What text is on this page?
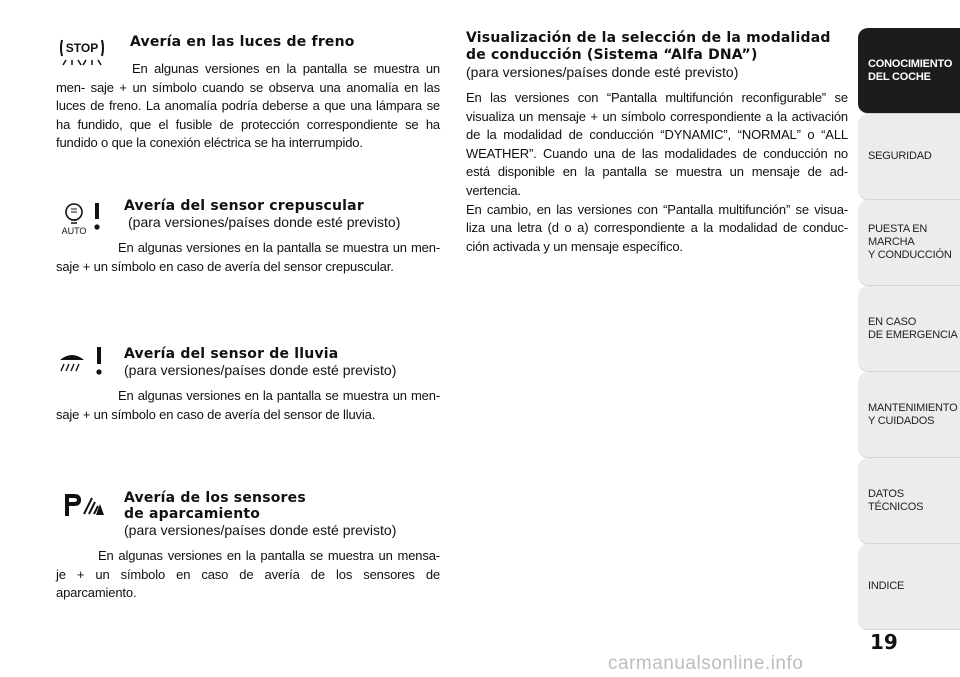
STOP Avería en las luces de freno
En algunas versiones en la pantalla se muestra un men- saje + un símbolo cuando se observa una anomalía en las luces de freno. La anomalía podría deberse a que una lámpara se ha fundido, que el fusible de protección correspondiente se ha fundido o que la conexión eléctrica se ha interrumpido.
AUTO
Avería del sensor crepuscular
(para versiones/países donde esté previsto)
En algunas versiones en la pantalla se muestra un men- saje + un símbolo en caso de avería del sensor crepuscular.
Avería del sensor de lluvia
(para versiones/países donde esté previsto)
En algunas versiones en la pantalla se muestra un men- saje + un símbolo en caso de avería del sensor de lluvia.
Avería de los sensores
de aparcamiento
(para versiones/países donde esté previsto)
En algunas versiones en la pantalla se muestra un mensa- je + un símbolo en caso de avería de los sensores de aparcamiento.
Visualización de la selección de la modalidad
de conducción (Sistema “Alfa DNA”)
(para versiones/países donde esté previsto)
En las versiones con “Pantalla multifunción reconfigurable” se visualiza un mensaje + un símbolo correspondiente a la activación de la modalidad de conducción “DYNAMIC”, “NORMAL” o “ALL WEATHER”. Cuando una de las modalidades de conducción no está disponible en la pantalla se muestra un mensaje de ad- vertencia.
En cambio, en las versiones con “Pantalla multifunción” se visua- liza una letra (d o a) correspondiente a la modalidad de conduc- ción activada y un mensaje específico.
CONOCIMIENTO
DEL COCHE
SEGURIDAD
PUESTA EN MARCHA
Y CONDUCCIÓN
EN CASO
DE EMERGENCIA
MANTENIMIENTO
Y CUIDADOS
DATOS TÉCNICOS
INDICE
19
carmanualsonline.info
